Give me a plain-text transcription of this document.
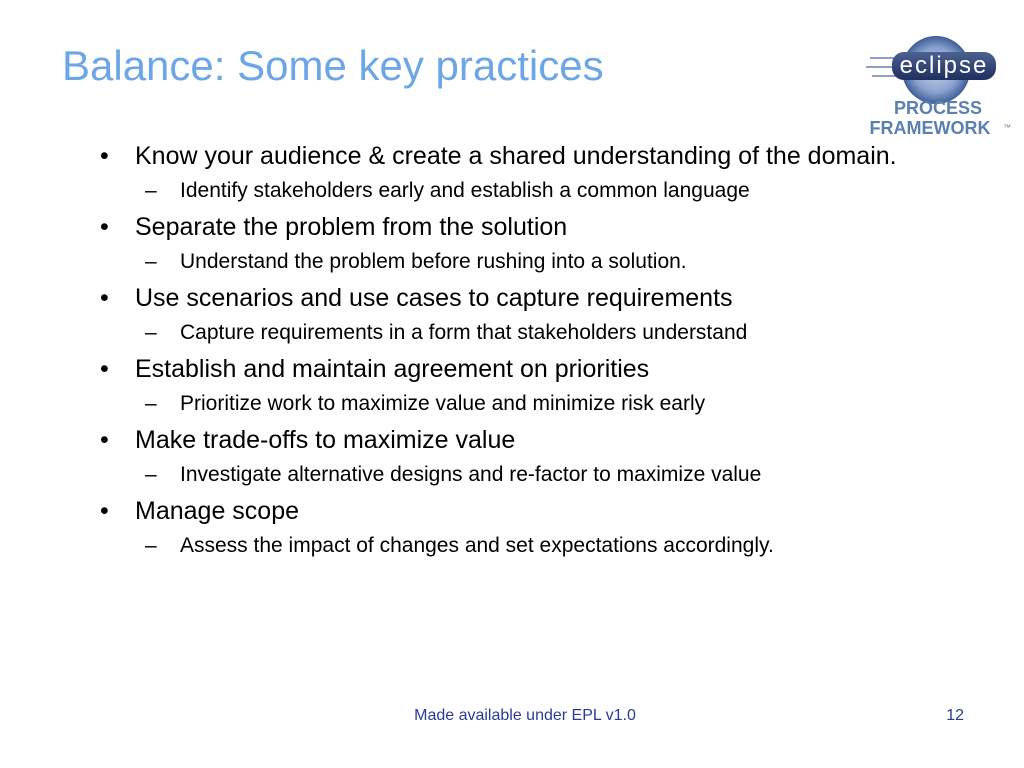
Balance: Some key practices	eclipse
PROCESS
FRAMEWORK ™
•	Know your audience & create a shared understanding of the domain.
–	Identify stakeholders early and establish a common language
•	Separate the problem from the solution
–	Understand the problem before rushing into a solution.
•	Use scenarios and use cases to capture requirements
–	Capture requirements in a form that stakeholders understand
•	Establish and maintain agreement on priorities
–	Prioritize work to maximize value and minimize risk early
•	Make trade-offs to maximize value
–	Investigate alternative designs and re-factor to maximize value
•	Manage scope
–	Assess the impact of changes and set expectations accordingly.
Made available under EPL v1.0	12
